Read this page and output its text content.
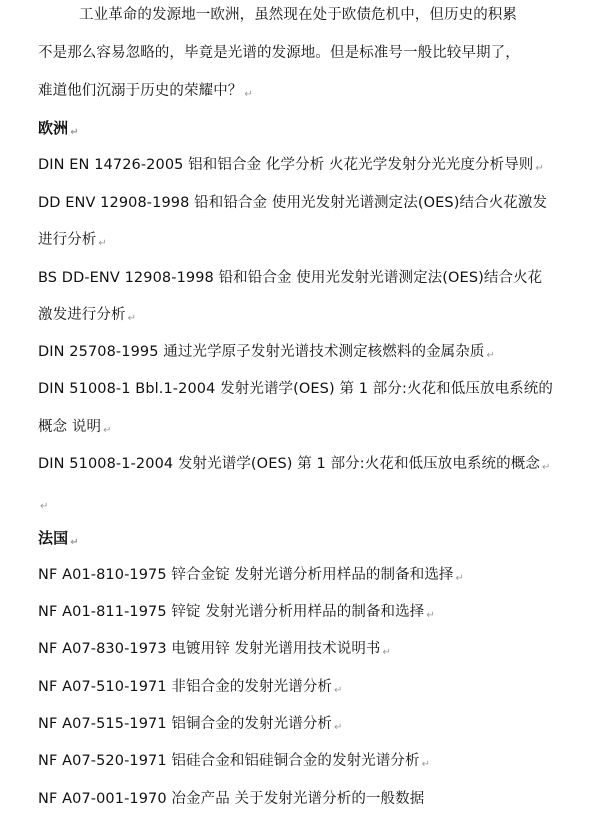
工业革命的发源地一欧洲，虽然现在处于欧债危机中，但历史的积累
不是那么容易忽略的，毕竟是光谱的发源地。但是标准号一般比较早期了，
难道他们沉溺于历史的荣耀中？ ↵
欧洲 ↵
DIN EN 14726-2005 铝和铝合金 化学分析 火花光学发射分光光度分析导则 ↵
DD ENV 12908-1998 铅和铅合金 使用光发射光谱测定法(OES)结合火花激发
进行分析 ↵
BS DD-ENV 12908-1998 铅和铅合金 使用光发射光谱测定法(OES)结合火花
激发进行分析 ↵
DIN 25708-1995 通过光学原子发射光谱技术测定核燃料的金属杂质 ↵
DIN 51008-1 Bbl.1-2004 发射光谱学(OES) 第 1 部分:火花和低压放电系统的
概念 说明 ↵
DIN 51008-1-2004 发射光谱学(OES) 第 1 部分:火花和低压放电系统的概念 ↵
↵
法国 ↵
NF A01-810-1975 锌合金锭 发射光谱分析用样品的制备和选择 ↵
NF A01-811-1975 锌锭 发射光谱分析用样品的制备和选择 ↵
NF A07-830-1973 电镀用锌 发射光谱用技术说明书 ↵
NF A07-510-1971 非铝合金的发射光谱分析 ↵
NF A07-515-1971 铝铜合金的发射光谱分析 ↵
NF A07-520-1971 铝硅合金和铝硅铜合金的发射光谱分析 ↵
NF A07-001-1970 冶金产品 关于发射光谱分析的一般数据
